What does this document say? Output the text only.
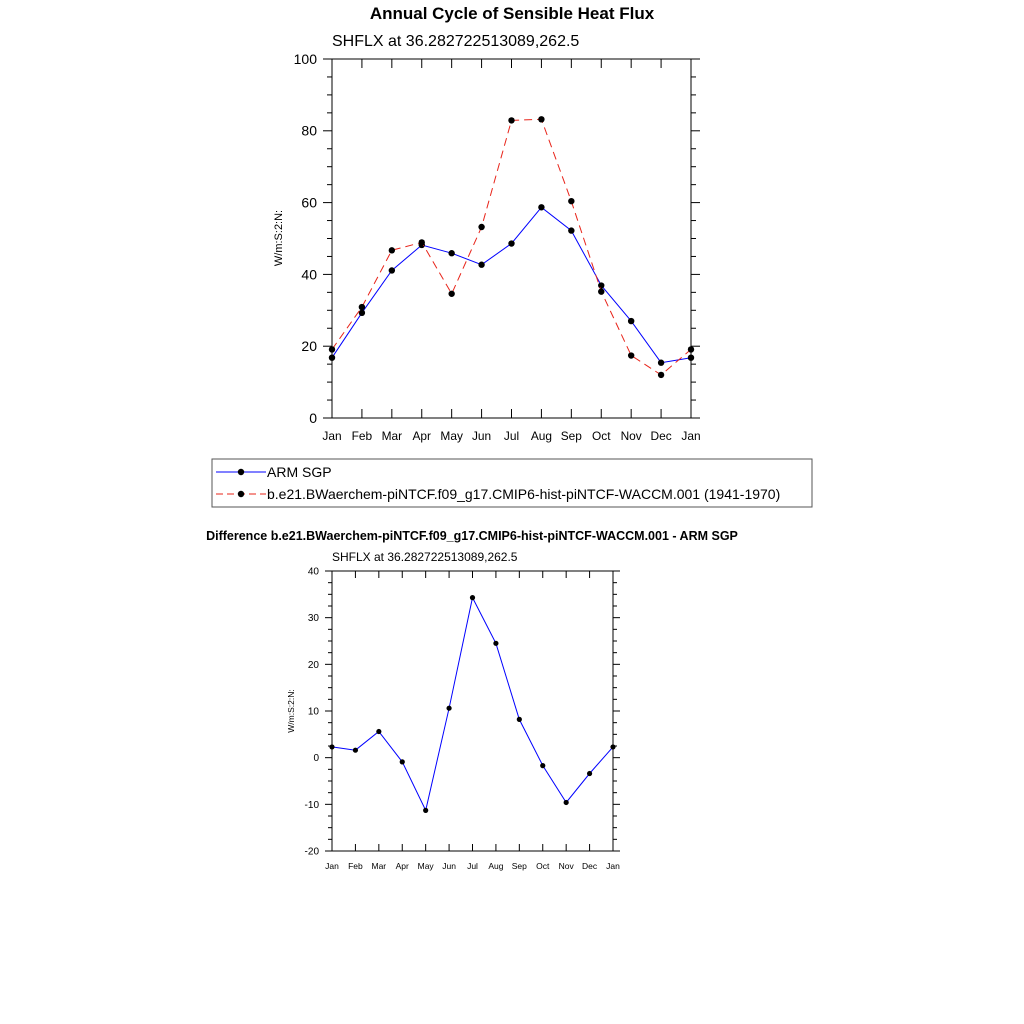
Annual Cycle of Sensible Heat Flux
SHFLX at 36.282722513089,262.5
W/m:S:2:N:
Jan Feb Mar Apr May Jun Jul Aug Sep Oct Nov Dec Jan
0
20
40
60
80
100
ARM SGP
b.e21.BWaerchem-piNTCF.f09_g17.CMIP6-hist-piNTCF-WACCM.001 (1941-1970)
Difference b.e21.BWaerchem-piNTCF.f09_g17.CMIP6-hist-piNTCF-WACCM.001 - ARM SGP
SHFLX at 36.282722513089,262.5
W/m:S:2:N:
Jan Feb Mar Apr May Jun Jul Aug Sep Oct Nov Dec Jan
-20
-10
0
10
20
30
40
